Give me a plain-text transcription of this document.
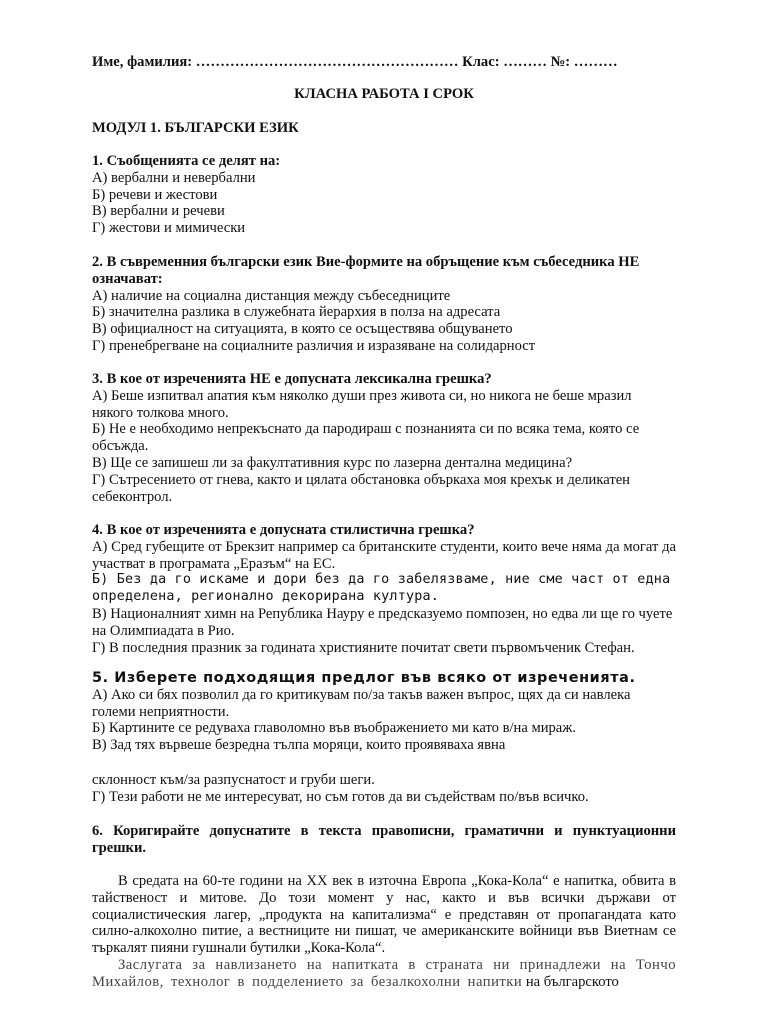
Име, фамилия: ……………………………………………… Клас: ……… №: ………

КЛАСНА РАБОТА I СРОК

МОДУЛ 1. БЪЛГАРСКИ ЕЗИК

1. Съобщенията се делят на:
А) вербални и невербални
Б) речеви и жестови
В) вербални и речеви
Г) жестови и мимически
2. В съвременния български език Вие-формите на обръщение към събеседника НЕ означават:
А) наличие на социална дистанция между събеседниците
Б) значителна разлика в служебната йерархия в полза на адресата
В) официалност на ситуацията, в която се осъществява общуването
Г) пренебрегване на социалните различия и изразяване на солидарност
3. В кое от изреченията НЕ е допусната лексикална грешка?
А) Беше изпитвал апатия към няколко души през живота си, но никога не беше мразил някого толкова много.
Б) Не е необходимо непрекъснато да пародираш с познанията си по всяка тема, която се обсъжда.
В) Ще се запишеш ли за факултативния курс по лазерна дентална медицина?
Г) Сътресението от гнева, както и цялата обстановка объркаха моя крехък и деликатен себеконтрол.
4. В кое от изреченията е допусната стилистична грешка?
А) Сред губещите от Брекзит например са британските студенти, които вече няма да могат да участват в програмата „Еразъм“ на ЕС.
Б) Без да го искаме и дори без да го забелязваме, ние сме част от една определена, регионално декорирана култура.
В) Националният химн на Република Науру е предсказуемо помпозен, но едва ли ще го чуете на Олимпиадата в Рио.
Г) В последния празник за годината християните почитат свети първомъченик Стефан.
5. Изберете подходящия предлог във всяко от изреченията.
А) Ако си бях позволил да го критикувам по/за такъв важен въпрос, щях да си навлека големи неприятности.
Б) Картините се редуваха главоломно във въображението ми като в/на мираж.
В) Зад тях вървеше безредна тълпа моряци, които проявяваха явна
склонност към/за разпуснатост и груби шеги.
Г) Тези работи не ме интересуват, но съм готов да ви съдействам по/във всичко.
6. Коригирайте допуснатите в текста правописни, граматични и пунктуационни грешки.

В средата на 60-те години на XX век в източна Европа „Кока-Кола“ е напитка, обвита в тайственост и митове. До този момент у нас, както и във всички държави от социалистическия лагер, „продукта на капитализма“ е представян от пропагандата като силно-алкохолно питие, а вестниците ни пишат, че американските войници във Виетнам се търкалят пияни гушнали бутилки „Кока-Кола“.

Заслугата за навлизането на напитката в страната ни принадлежи на Тончо Михайлов, технолог в подделението за безалкохолни напитки на българското
